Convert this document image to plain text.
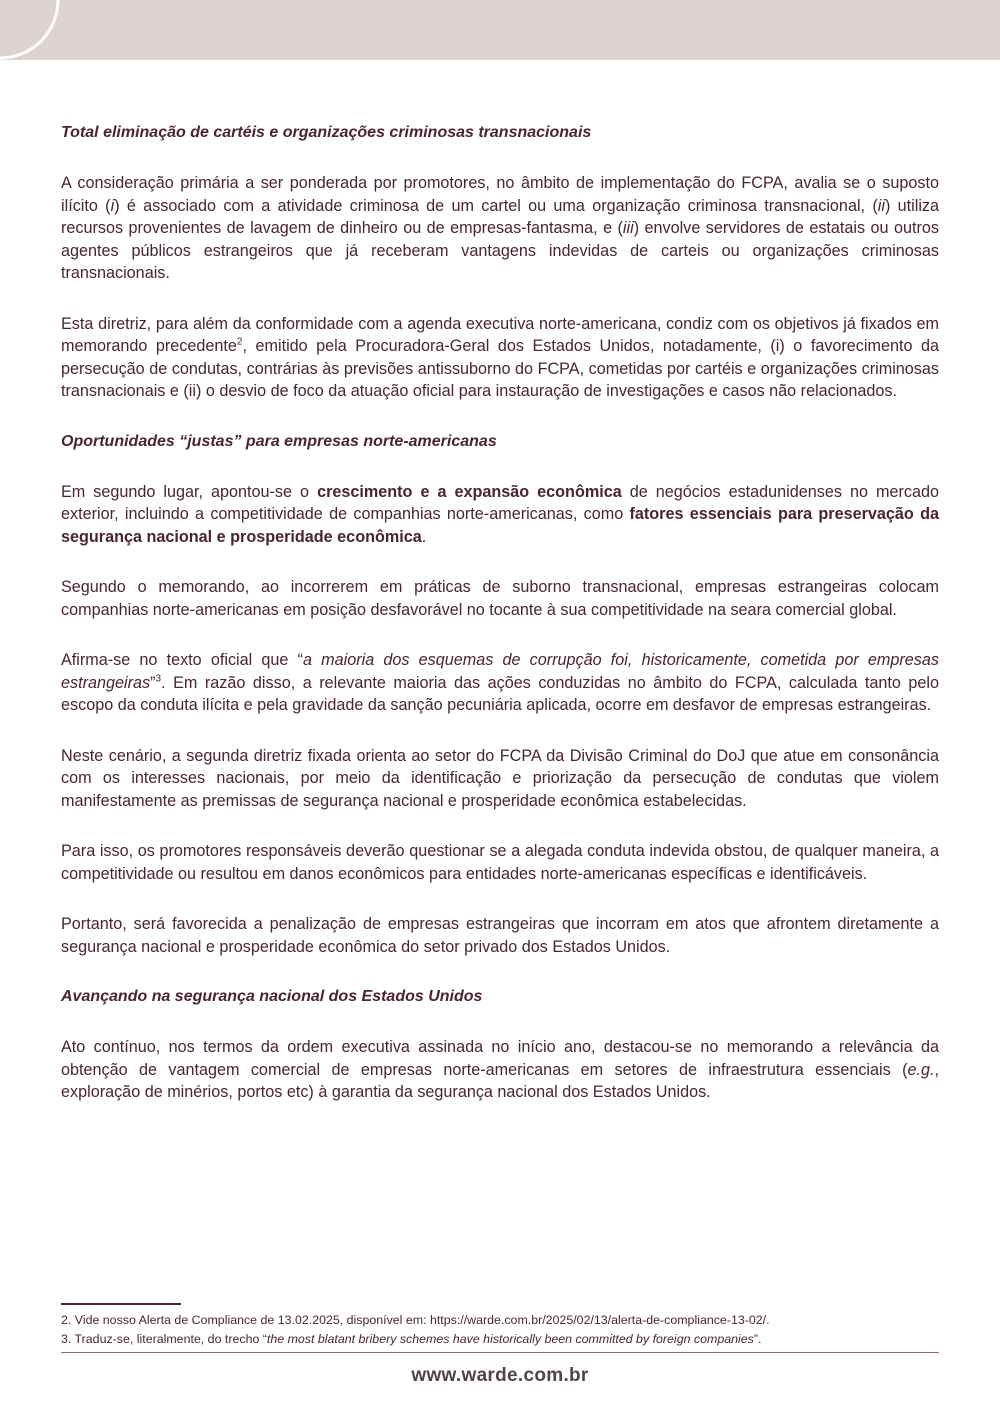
Total eliminação de cartéis e organizações criminosas transnacionais

A consideração primária a ser ponderada por promotores, no âmbito de implementação do FCPA, avalia se o suposto ilícito (i) é associado com a atividade criminosa de um cartel ou uma organização criminosa transnacional, (ii) utiliza recursos provenientes de lavagem de dinheiro ou de empresas-fantasma, e (iii) envolve servidores de estatais ou outros agentes públicos estrangeiros que já receberam vantagens indevidas de carteis ou organizações criminosas transnacionais.

Esta diretriz, para além da conformidade com a agenda executiva norte-americana, condiz com os objetivos já fixados em memorando precedente$^2$, emitido pela Procuradora-Geral dos Estados Unidos, notadamente, (i) o favorecimento da persecução de condutas, contrárias às previsões antissuborno do FCPA, cometidas por cartéis e organizações criminosas transnacionais e (ii) o desvio de foco da atuação oficial para instauração de investigações e casos não relacionados.

Oportunidades “justas” para empresas norte-americanas

Em segundo lugar, apontou-se o crescimento e a expansão econômica de negócios estadunidenses no mercado exterior, incluindo a competitividade de companhias norte-americanas, como fatores essenciais para preservação da segurança nacional e prosperidade econômica.

Segundo o memorando, ao incorrerem em práticas de suborno transnacional, empresas estrangeiras colocam companhias norte-americanas em posição desfavorável no tocante à sua competitividade na seara comercial global.

Afirma-se no texto oficial que “a maioria dos esquemas de corrupção foi, historicamente, cometida por empresas estrangeiras”$^3$. Em razão disso, a relevante maioria das ações conduzidas no âmbito do FCPA, calculada tanto pelo escopo da conduta ilícita e pela gravidade da sanção pecuniária aplicada, ocorre em desfavor de empresas estrangeiras.

Neste cenário, a segunda diretriz fixada orienta ao setor do FCPA da Divisão Criminal do DoJ que atue em consonância com os interesses nacionais, por meio da identificação e priorização da persecução de condutas que violem manifestamente as premissas de segurança nacional e prosperidade econômica estabelecidas.

Para isso, os promotores responsáveis deverão questionar se a alegada conduta indevida obstou, de qualquer maneira, a competitividade ou resultou em danos econômicos para entidades norte-americanas específicas e identificáveis.

Portanto, será favorecida a penalização de empresas estrangeiras que incorram em atos que afrontem diretamente a segurança nacional e prosperidade econômica do setor privado dos Estados Unidos.

Avançando na segurança nacional dos Estados Unidos

Ato contínuo, nos termos da ordem executiva assinada no início ano, destacou-se no memorando a relevância da obtenção de vantagem comercial de empresas norte-americanas em setores de infraestrutura essenciais (e.g., exploração de minérios, portos etc) à garantia da segurança nacional dos Estados Unidos.

2. Vide nosso Alerta de Compliance de 13.02.2025, disponível em: https://warde.com.br/2025/02/13/alerta-de-compliance-13-02/.

3. Traduz-se, literalmente, do trecho “the most blatant bribery schemes have historically been committed by foreign companies”.

www.warde.com.br
